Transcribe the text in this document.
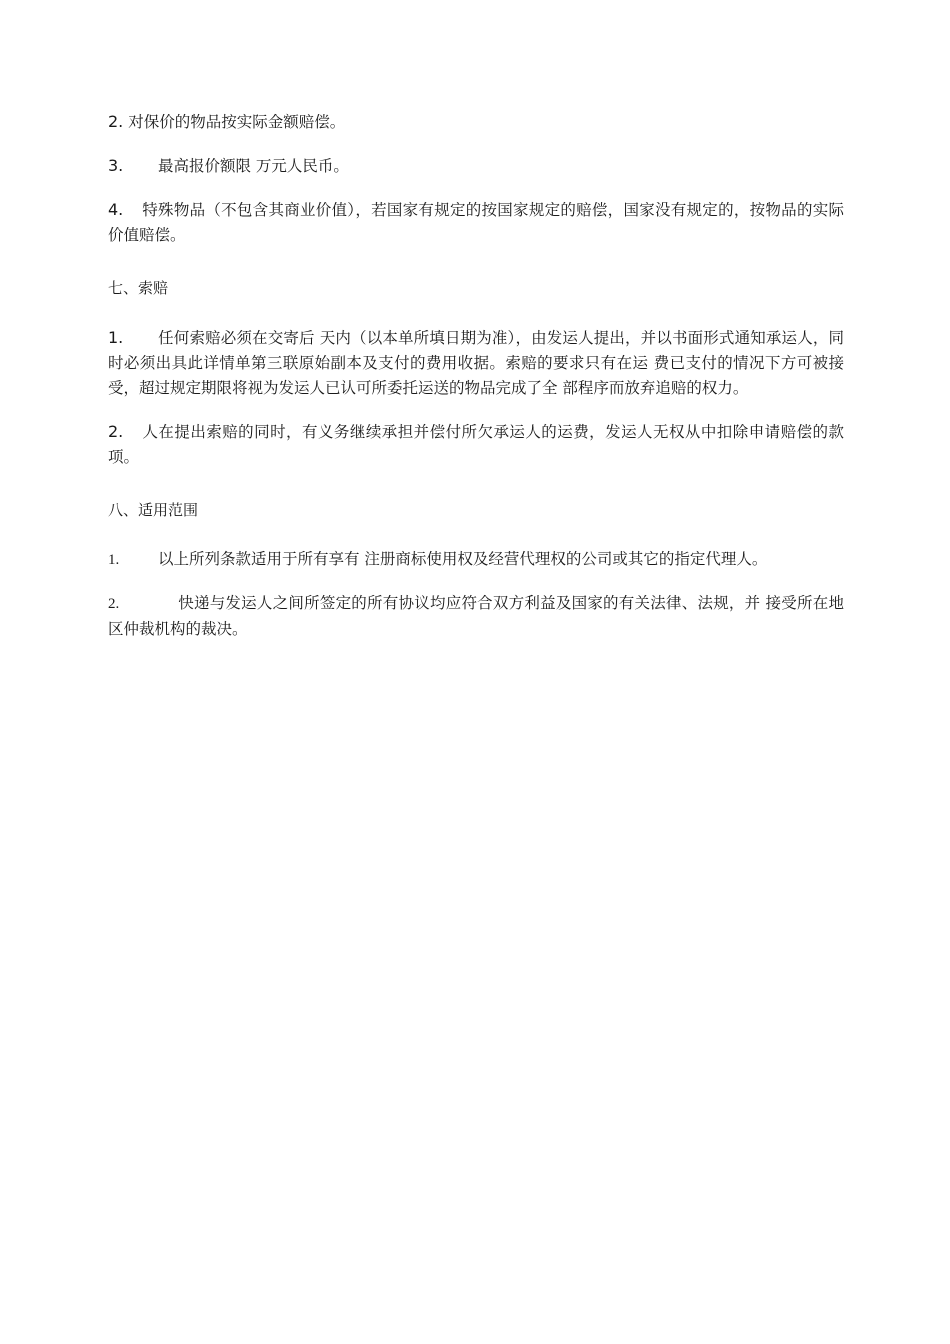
2. 对保价的物品按实际金额赔偿。

3. 最高报价额限 万元人民币。

4. 特殊物品（不包含其商业价值），若国家有规定的按国家规定的赔偿，国家没有规定的，按物品的实际价值赔偿。

七、索赔

1. 任何索赔必须在交寄后 天内（以本单所填日期为准），由发运人提出，并以书面形式通知承运人，同时必须出具此详情单第三联原始副本及支付的费用收据。索赔的要求只有在运 费已支付的情况下方可被接受，超过规定期限将视为发运人已认可所委托运送的物品完成了全 部程序而放弃追赔的权力。

2. 人在提出索赔的同时，有义务继续承担并偿付所欠承运人的运费，发运人无权从中扣除申请赔偿的款项。

八、适用范围

1.	以上所列条款适用于所有享有 注册商标使用权及经营代理权的公司或其它的指定代理人。

2.	快递与发运人之间所签定的所有协议均应符合双方利益及国家的有关法律、法规，并 接受所在地区仲裁机构的裁决。
